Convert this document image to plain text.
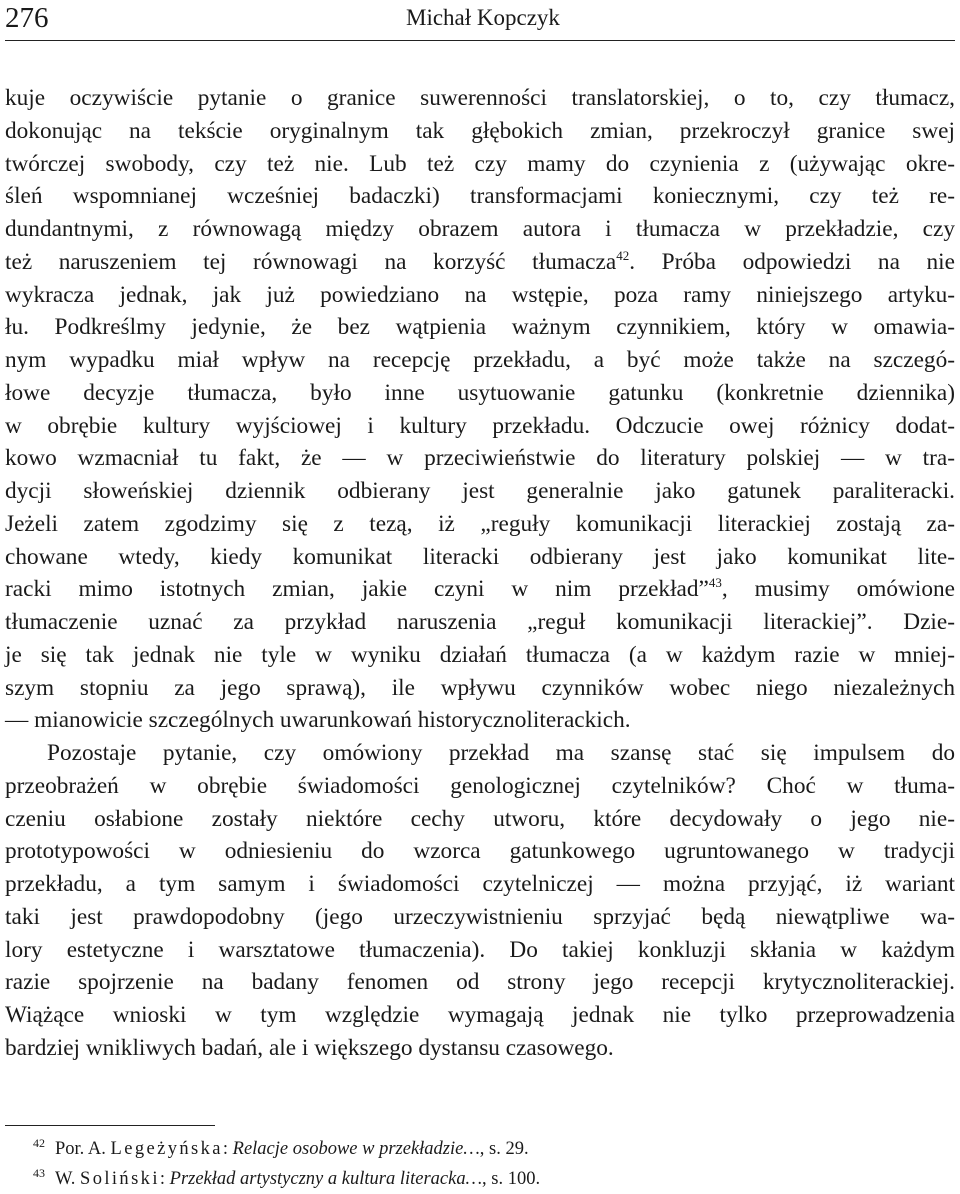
276	Michał Kopczyk
kuje oczywiście pytanie o granice suwerenności translatorskiej, o to, czy tłumacz,
dokonując na tekście oryginalnym tak głębokich zmian, przekroczył granice swej
twórczej swobody, czy też nie. Lub też czy mamy do czynienia z (używając okre-
śleń wspomnianej wcześniej badaczki) transformacjami koniecznymi, czy też re-
dundantnymi, z równowagą między obrazem autora i tłumacza w przekładzie, czy
też naruszeniem tej równowagi na korzyść tłumacza$^{42}$. Próba odpowiedzi na nie
wykracza jednak, jak już powiedziano na wstępie, poza ramy niniejszego artyku-
łu. Podkreślmy jedynie, że bez wątpienia ważnym czynnikiem, który w omawia-
nym wypadku miał wpływ na recepcję przekładu, a być może także na szczegó-
łowe decyzje tłumacza, było inne usytuowanie gatunku (konkretnie dziennika)
w obrębie kultury wyjściowej i kultury przekładu. Odczucie owej różnicy dodat-
kowo wzmacniał tu fakt, że — w przeciwieństwie do literatury polskiej — w tra-
dycji słoweńskiej dziennik odbierany jest generalnie jako gatunek paraliteracki.
Jeżeli zatem zgodzimy się z tezą, iż „reguły komunikacji literackiej zostają za-
chowane wtedy, kiedy komunikat literacki odbierany jest jako komunikat lite-
racki mimo istotnych zmian, jakie czyni w nim przekład”$^{43}$, musimy omówione
tłumaczenie uznać za przykład naruszenia „reguł komunikacji literackiej”. Dzie-
je się tak jednak nie tyle w wyniku działań tłumacza (a w każdym razie w mniej-
szym stopniu za jego sprawą), ile wpływu czynników wobec niego niezależnych
— mianowicie szczególnych uwarunkowań historycznoliterackich.
Pozostaje pytanie, czy omówiony przekład ma szansę stać się impulsem do
przeobrażeń w obrębie świadomości genologicznej czytelników? Choć w tłuma-
czeniu osłabione zostały niektóre cechy utworu, które decydowały o jego nie-
prototypowości w odniesieniu do wzorca gatunkowego ugruntowanego w tradycji
przekładu, a tym samym i świadomości czytelniczej — można przyjąć, iż wariant
taki jest prawdopodobny (jego urzeczywistnieniu sprzyjać będą niewątpliwe wa-
lory estetyczne i warsztatowe tłumaczenia). Do takiej konkluzji skłania w każdym
razie spojrzenie na badany fenomen od strony jego recepcji krytycznoliterackiej.
Wiążące wnioski w tym względzie wymagają jednak nie tylko przeprowadzenia
bardziej wnikliwych badań, ale i większego dystansu czasowego.
42 Por. A. Legeżyńska: Relacje osobowe w przekładzie…, s. 29.
43 W. Soliński: Przekład artystyczny a kultura literacka…, s. 100.
